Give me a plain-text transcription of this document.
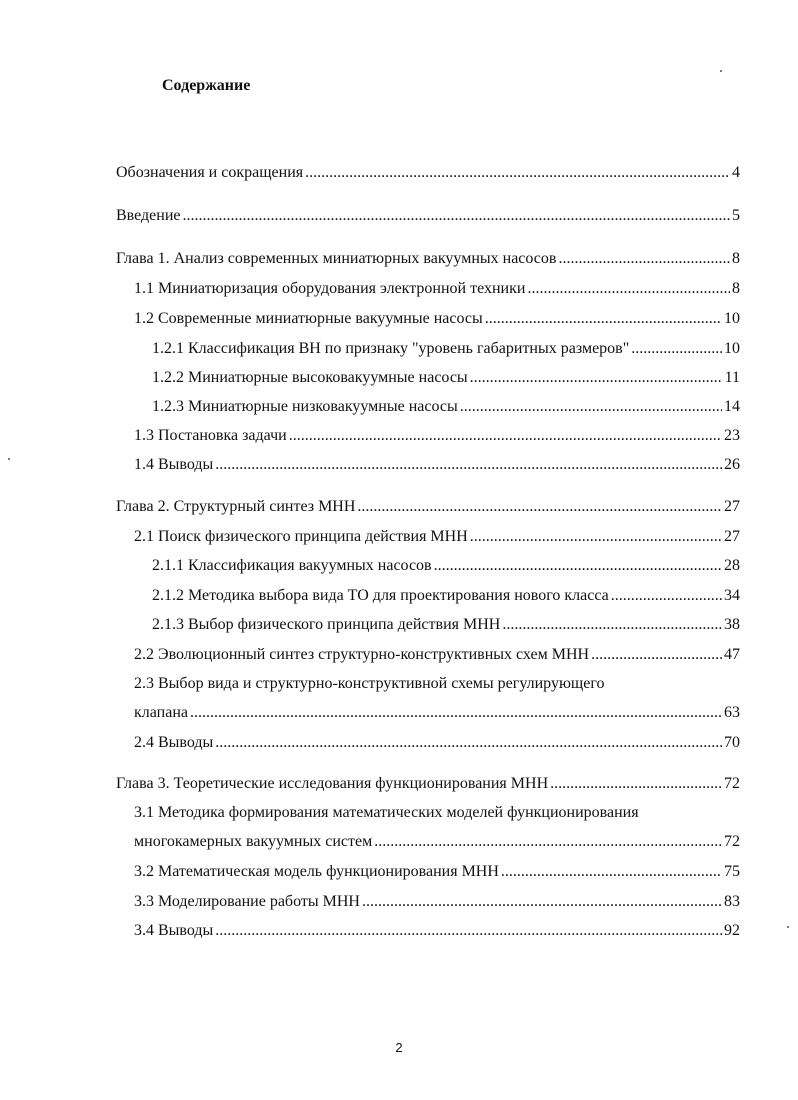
Содержание
Обозначения и сокращения .....	4
Введение .....	5
Глава 1. Анализ современных миниатюрных вакуумных насосов .....	8
1.1 Миниатюризация оборудования электронной техники .....	8
1.2 Современные миниатюрные вакуумные насосы .....	10
1.2.1 Классификация ВН по признаку "уровень габаритных размеров" .....	10
1.2.2 Миниатюрные высоковакуумные насосы .....	11
1.2.3 Миниатюрные низковакуумные насосы .....	14
1.3 Постановка задачи .....	23
1.4 Выводы .....	26
Глава 2. Структурный синтез МНН .....	27
2.1 Поиск физического принципа действия МНН .....	27
2.1.1 Классификация вакуумных насосов .....	28
2.1.2 Методика выбора вида ТО для проектирования нового класса .....	34
2.1.3 Выбор физического принципа действия МНН .....	38
2.2 Эволюционный синтез структурно-конструктивных схем МНН .....	47
2.3 Выбор вида и структурно-конструктивной схемы регулирующего
клапана .....	63
2.4 Выводы .....	70
Глава 3. Теоретические исследования функционирования МНН .....	72
3.1 Методика формирования математических моделей функционирования
многокамерных вакуумных систем .....	72
3.2 Математическая модель функционирования МНН .....	75
3.3 Моделирование работы МНН .....	83
3.4 Выводы .....	92
2
